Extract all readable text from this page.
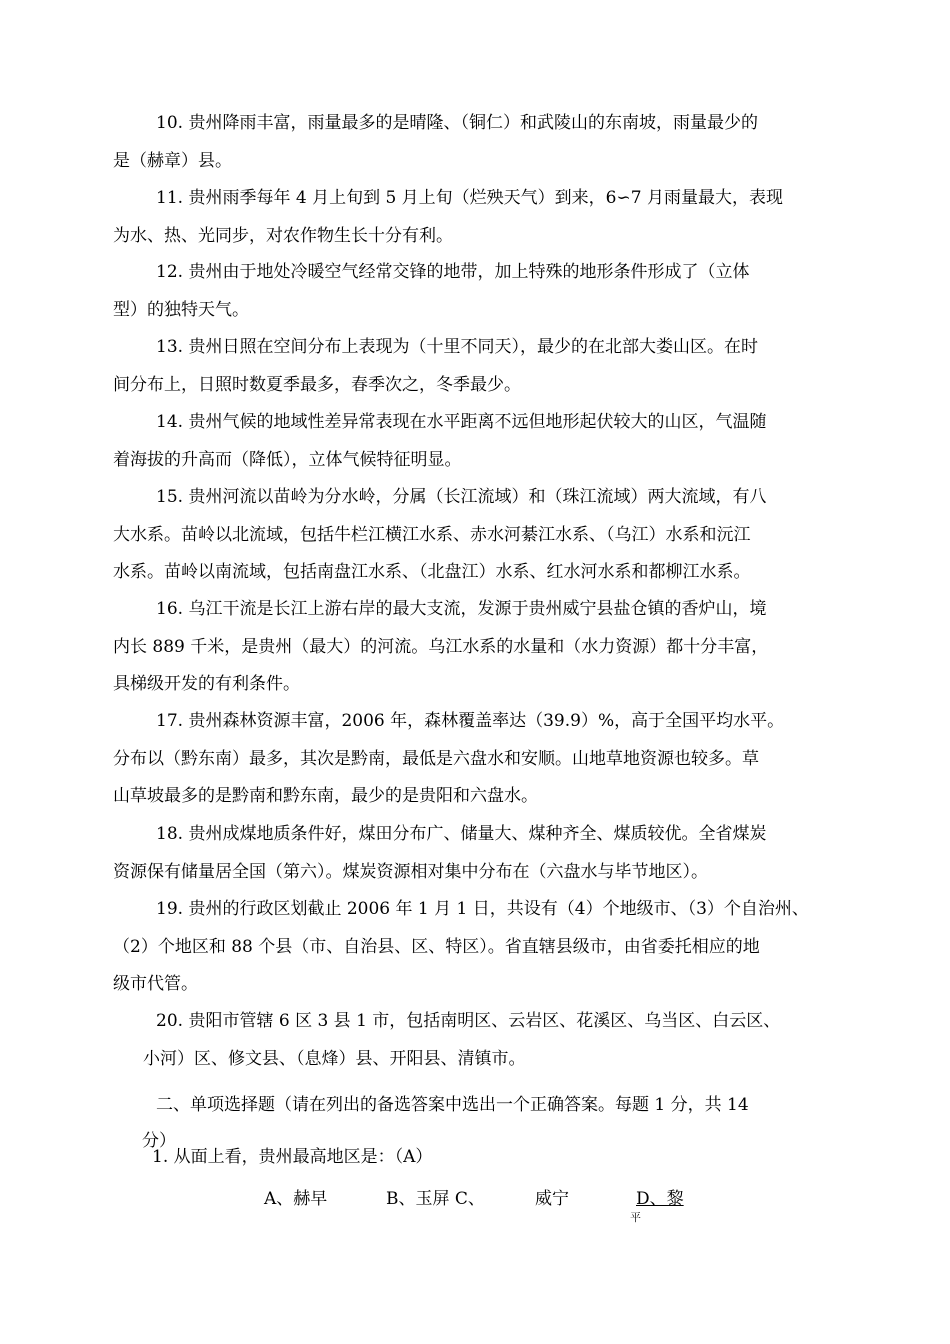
10. 贵州降雨丰富，雨量最多的是晴隆、（铜仁）和武陵山的东南坡，雨量最少的
是（赫章）县。
11. 贵州雨季每年 4 月上旬到 5 月上旬（烂殃天气）到来，6∽7 月雨量最大，表现
为水、热、光同步，对农作物生长十分有利。
12. 贵州由于地处冷暖空气经常交锋的地带，加上特殊的地形条件形成了（立体
型）的独特天气。
13. 贵州日照在空间分布上表现为（十里不同天），最少的在北部大娄山区。在时
间分布上，日照时数夏季最多，春季次之，冬季最少。
14. 贵州气候的地域性差异常表现在水平距离不远但地形起伏较大的山区，气温随
着海拔的升高而（降低），立体气候特征明显。
15. 贵州河流以苗岭为分水岭，分属（长江流域）和（珠江流域）两大流域，有八
大水系。苗岭以北流域，包括牛栏江横江水系、赤水河綦江水系、（乌江）水系和沅江
水系。苗岭以南流域，包括南盘江水系、（北盘江）水系、红水河水系和都柳江水系。
16. 乌江干流是长江上游右岸的最大支流，发源于贵州威宁县盐仓镇的香炉山，境
内长 889 千米，是贵州（最大）的河流。乌江水系的水量和（水力资源）都十分丰富，
具梯级开发的有利条件。
17. 贵州森林资源丰富，2006 年，森林覆盖率达（39.9）%，高于全国平均水平。
分布以（黔东南）最多，其次是黔南，最低是六盘水和安顺。山地草地资源也较多。草
山草坡最多的是黔南和黔东南，最少的是贵阳和六盘水。
18. 贵州成煤地质条件好，煤田分布广、储量大、煤种齐全、煤质较优。全省煤炭
资源保有储量居全国（第六）。煤炭资源相对集中分布在（六盘水与毕节地区）。
19. 贵州的行政区划截止 2006 年 1 月 1 日，共设有（4）个地级市、（3）个自治州、
（2）个地区和 88 个县（市、自治县、区、特区）。省直辖县级市，由省委托相应的地
级市代管。
20. 贵阳市管辖 6 区 3 县 1 市，包括南明区、云岩区、花溪区、乌当区、白云区、
小河）区、修文县、（息烽）县、开阳县、清镇市。
二、单项选择题（请在列出的备选答案中选出一个正确答案。每题 1 分，共 14
分）
1. 从面上看，贵州最高地区是：（A）
A、赫早	B、玉屏 C、	威宁	D、黎
平
